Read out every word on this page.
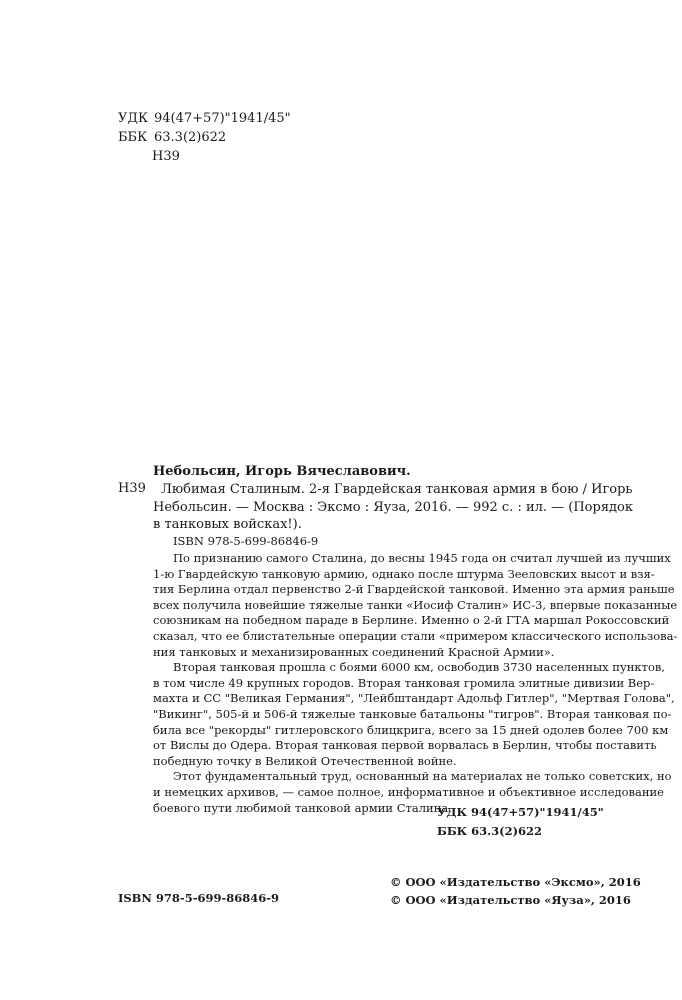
УДК 94(47+57)"1941/45"
ББК 63.3(2)622
Н39
Небольсин, Игорь Вячеславович.
Н39	Любимая Сталиным. 2-я Гвардейская танковая армия в бою / Игорь
Небольсин. — Москва : Эксмо : Яуза, 2016. — 992 с. : ил. — (Порядок
в танковых войсках!).
ISBN 978-5-699-86846-9
По признанию самого Сталина, до весны 1945 года он считал лучшей из лучших
1-ю Гвардейскую танковую армию, однако после штурма Зееловских высот и взя-
тия Берлина отдал первенство 2-й Гвардейской танковой. Именно эта армия раньше
всех получила новейшие тяжелые танки «Иосиф Сталин» ИС-3, впервые показанные
союзникам на победном параде в Берлине. Именно о 2-й ГТА маршал Рокоссовский
сказал, что ее блистательные операции стали «примером классического использова-
ния танковых и механизированных соединений Красной Армии».
Вторая танковая прошла с боями 6000 км, освободив 3730 населенных пунктов,
в том числе 49 крупных городов. Вторая танковая громила элитные дивизии Вер-
махта и СС "Великая Германия", "Лейбштандарт Адольф Гитлер", "Мертвая Голова",
"Викинг", 505-й и 506-й тяжелые танковые батальоны "тигров". Вторая танковая по-
била все "рекорды" гитлеровского блицкрига, всего за 15 дней одолев более 700 км
от Вислы до Одера. Вторая танковая первой ворвалась в Берлин, чтобы поставить
победную точку в Великой Отечественной войне.
Этот фундаментальный труд, основанный на материалах не только советских, но
и немецких архивов, — самое полное, информативное и объективное исследование
боевого пути любимой танковой армии Сталина.
УДК 94(47+57)"1941/45"
ББК 63.3(2)622
ISBN 978-5-699-86846-9
© ООО «Издательство «Эксмо», 2016
© ООО «Издательство «Яуза», 2016
